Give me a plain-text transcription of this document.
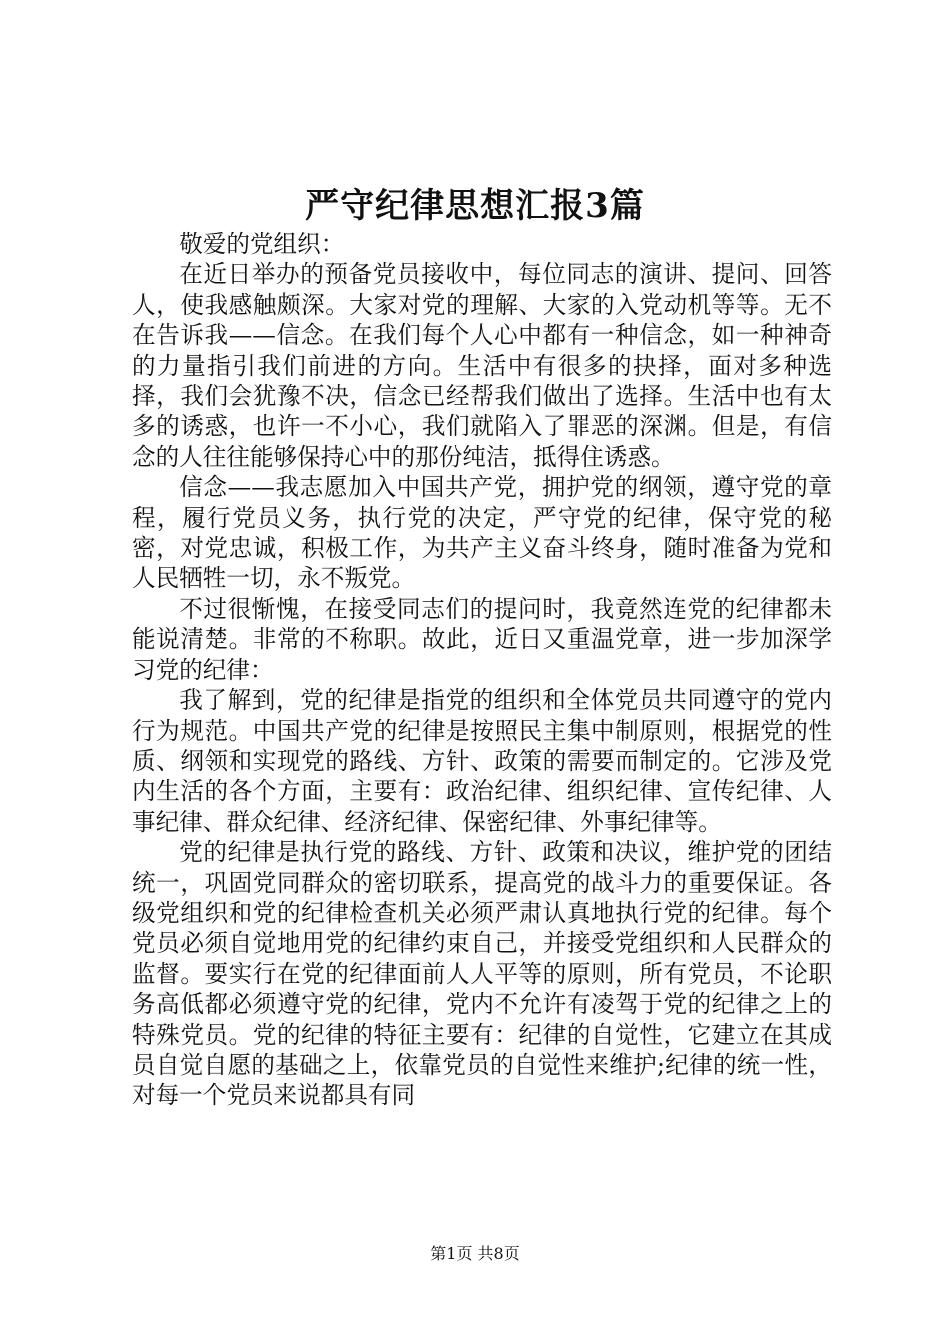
严守纪律思想汇报3篇

敬爱的党组织：

在近日举办的预备党员接收中，每位同志的演讲、提问、回答人，使我感触颇深。大家对党的理解、大家的入党动机等等。无不在告诉我——信念。在我们每个人心中都有一种信念，如一种神奇的力量指引我们前进的方向。生活中有很多的抉择，面对多种选择，我们会犹豫不决，信念已经帮我们做出了选择。生活中也有太多的诱惑，也许一不小心，我们就陷入了罪恶的深渊。但是，有信念的人往往能够保持心中的那份纯洁，抵得住诱惑。

信念——我志愿加入中国共产党，拥护党的纲领，遵守党的章程，履行党员义务，执行党的决定，严守党的纪律，保守党的秘密，对党忠诚，积极工作，为共产主义奋斗终身，随时准备为党和人民牺牲一切，永不叛党。

不过很惭愧，在接受同志们的提问时，我竟然连党的纪律都未能说清楚。非常的不称职。故此，近日又重温党章，进一步加深学习党的纪律：

我了解到，党的纪律是指党的组织和全体党员共同遵守的党内行为规范。中国共产党的纪律是按照民主集中制原则，根据党的性质、纲领和实现党的路线、方针、政策的需要而制定的。它涉及党内生活的各个方面，主要有：政治纪律、组织纪律、宣传纪律、人事纪律、群众纪律、经济纪律、保密纪律、外事纪律等。

党的纪律是执行党的路线、方针、政策和决议，维护党的团结统一，巩固党同群众的密切联系，提高党的战斗力的重要保证。各级党组织和党的纪律检查机关必须严肃认真地执行党的纪律。每个党员必须自觉地用党的纪律约束自己，并接受党组织和人民群众的监督。要实行在党的纪律面前人人平等的原则，所有党员，不论职务高低都必须遵守党的纪律，党内不允许有凌驾于党的纪律之上的特殊党员。党的纪律的特征主要有：纪律的自觉性，它建立在其成员自觉自愿的基础之上，依靠党员的自觉性来维护;纪律的统一性，对每一个党员来说都具有同

第1页 共8页
